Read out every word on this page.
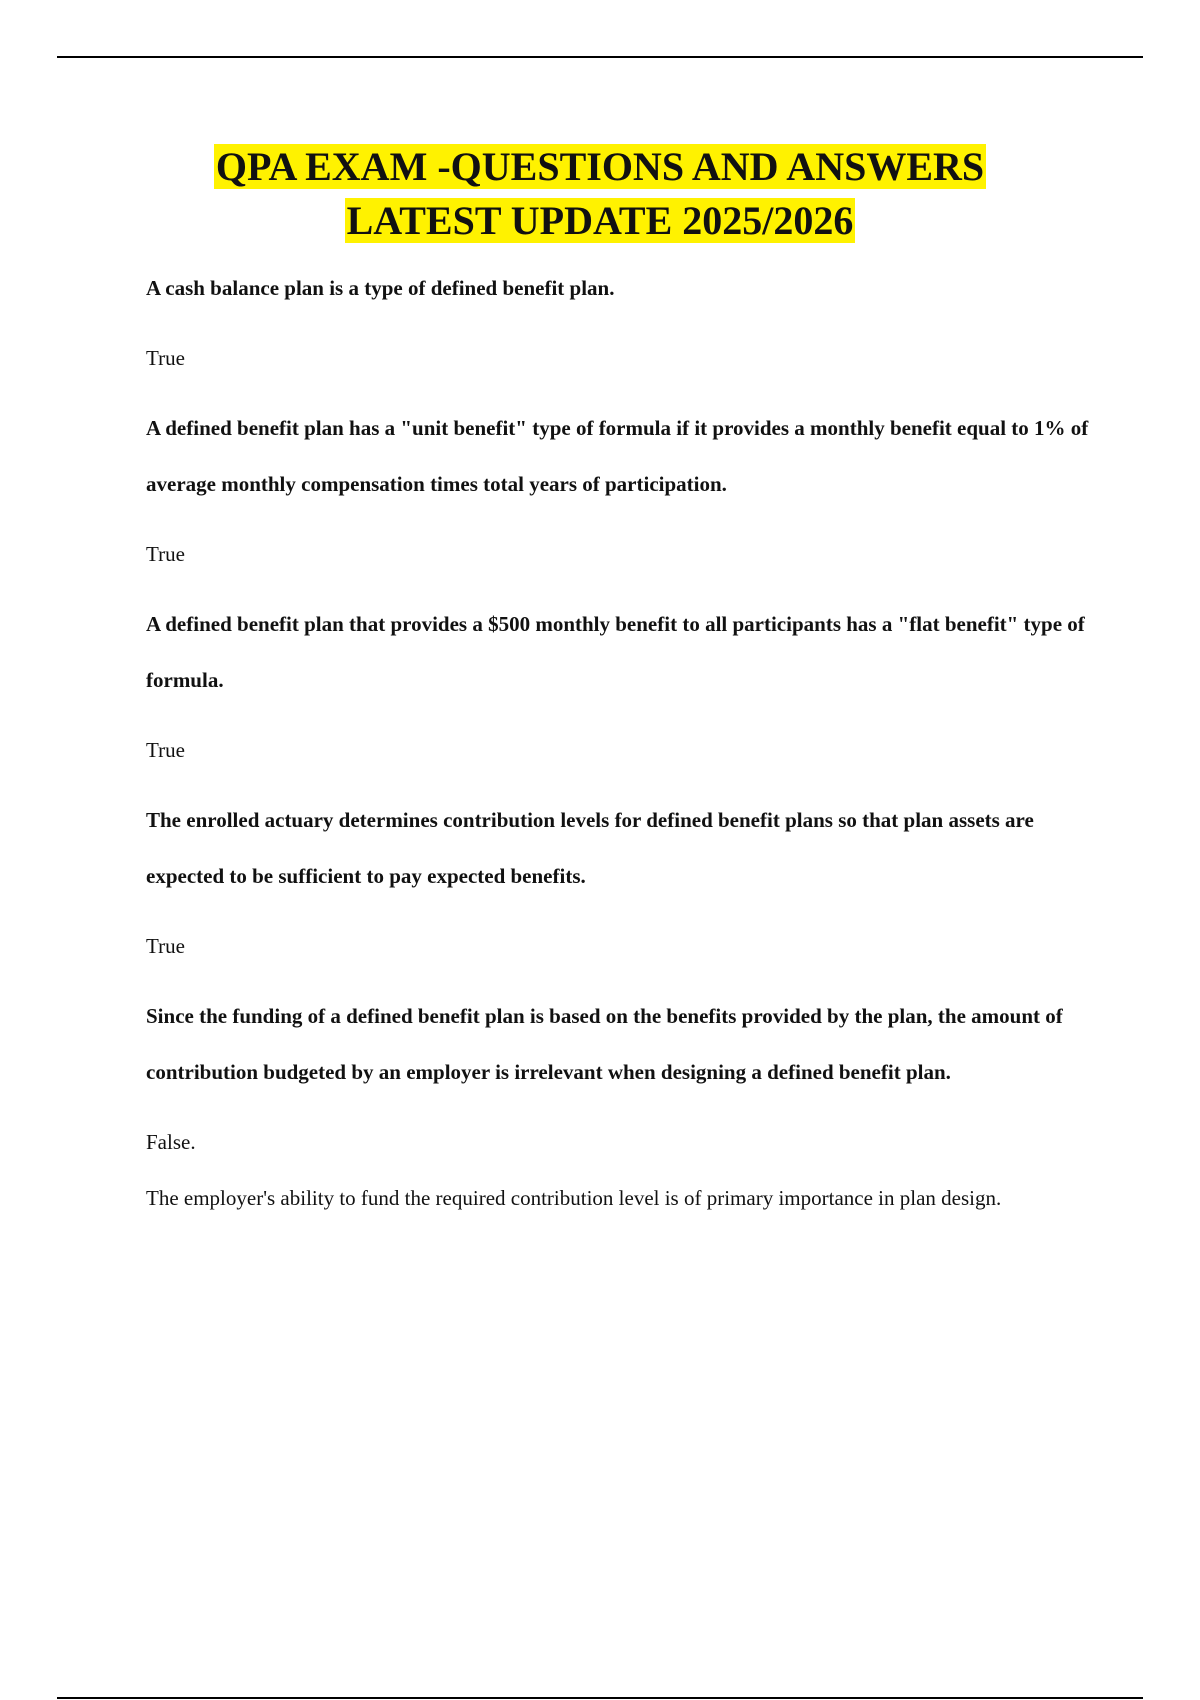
QPA EXAM -QUESTIONS AND ANSWERS
LATEST UPDATE 2025/2026

A cash balance plan is a type of defined benefit plan.

True

A defined benefit plan has a "unit benefit" type of formula if it provides a monthly benefit equal to 1% of average monthly compensation times total years of participation.

True

A defined benefit plan that provides a $500 monthly benefit to all participants has a "flat benefit" type of formula.

True

The enrolled actuary determines contribution levels for defined benefit plans so that plan assets are expected to be sufficient to pay expected benefits.

True

Since the funding of a defined benefit plan is based on the benefits provided by the plan, the amount of contribution budgeted by an employer is irrelevant when designing a defined benefit plan.

False.

The employer's ability to fund the required contribution level is of primary importance in plan design.
